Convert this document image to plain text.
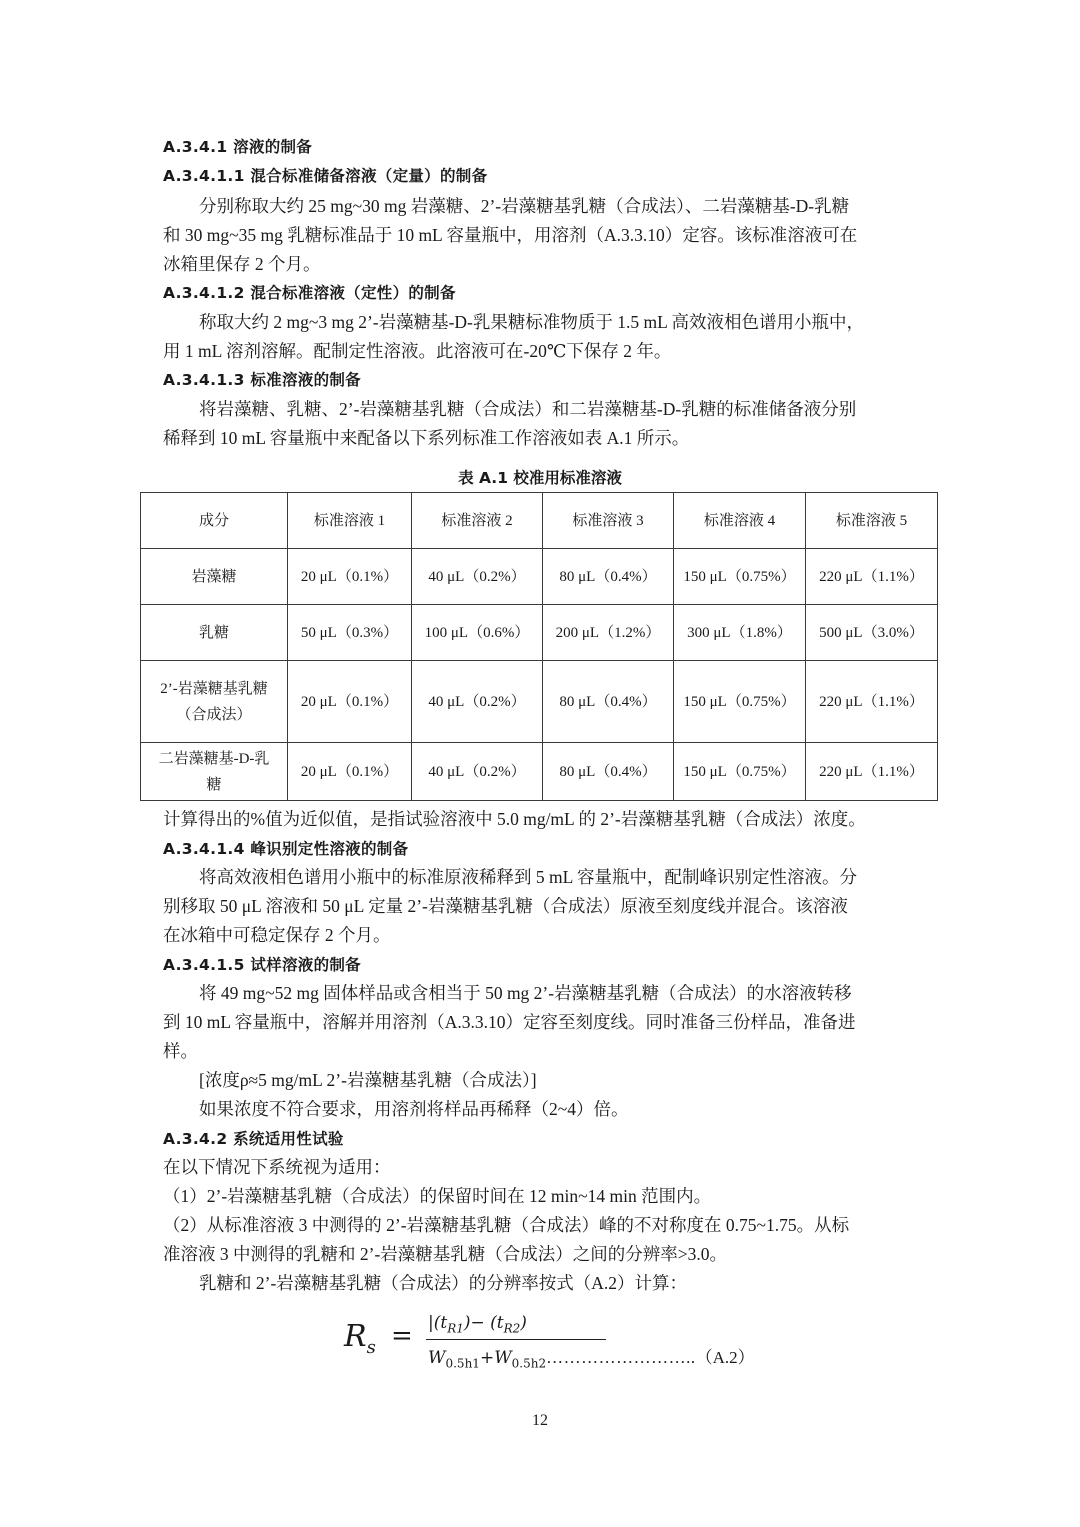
A.3.4.1 溶液的制备
A.3.4.1.1 混合标准储备溶液（定量）的制备
分别称取大约 25 mg~30 mg 岩藻糖、2’-岩藻糖基乳糖（合成法）、二岩藻糖基-D-乳糖
和 30 mg~35 mg 乳糖标准品于 10 mL 容量瓶中，用溶剂（A.3.3.10）定容。该标准溶液可在
冰箱里保存 2 个月。
A.3.4.1.2 混合标准溶液（定性）的制备
称取大约 2 mg~3 mg 2’-岩藻糖基-D-乳果糖标准物质于 1.5 mL 高效液相色谱用小瓶中，
用 1 mL 溶剂溶解。配制定性溶液。此溶液可在-20℃下保存 2 年。
A.3.4.1.3 标准溶液的制备
将岩藻糖、乳糖、2’-岩藻糖基乳糖（合成法）和二岩藻糖基-D-乳糖的标准储备液分别
稀释到 10 mL 容量瓶中来配备以下系列标准工作溶液如表 A.1 所示。
表 A.1 校准用标准溶液
成分	标准溶液 1	标准溶液 2	标准溶液 3	标准溶液 4	标准溶液 5
岩藻糖	20 μL（0.1%）	40 μL（0.2%）	80 μL（0.4%）	150 μL（0.75%）	220 μL（1.1%）
乳糖	50 μL（0.3%）	100 μL（0.6%）	200 μL（1.2%）	300 μL（1.8%）	500 μL（3.0%）
2’-岩藻糖基乳糖
（合成法）	20 μL（0.1%）	40 μL（0.2%）	80 μL（0.4%）	150 μL（0.75%）	220 μL（1.1%）
二岩藻糖基-D-乳
糖	20 μL（0.1%）	40 μL（0.2%）	80 μL（0.4%）	150 μL（0.75%）	220 μL（1.1%）
计算得出的%值为近似值，是指试验溶液中 5.0 mg/mL 的 2’-岩藻糖基乳糖（合成法）浓度。
A.3.4.1.4 峰识别定性溶液的制备
将高效液相色谱用小瓶中的标准原液稀释到 5 mL 容量瓶中，配制峰识别定性溶液。分
别移取 50 μL 溶液和 50 μL 定量 2’-岩藻糖基乳糖（合成法）原液至刻度线并混合。该溶液
在冰箱中可稳定保存 2 个月。
A.3.4.1.5 试样溶液的制备
将 49 mg~52 mg 固体样品或含相当于 50 mg 2’-岩藻糖基乳糖（合成法）的水溶液转移
到 10 mL 容量瓶中，溶解并用溶剂（A.3.3.10）定容至刻度线。同时准备三份样品，准备进
样。
[浓度ρ≈5 mg/mL 2’-岩藻糖基乳糖（合成法）]
如果浓度不符合要求，用溶剂将样品再稀释（2~4）倍。
A.3.4.2 系统适用性试验
在以下情况下系统视为适用：
（1）2’-岩藻糖基乳糖（合成法）的保留时间在 12 min~14 min 范围内。
（2）从标准溶液 3 中测得的 2’-岩藻糖基乳糖（合成法）峰的不对称度在 0.75~1.75。从标
准溶液 3 中测得的乳糖和 2’-岩藻糖基乳糖（合成法）之间的分辨率>3.0。
乳糖和 2’-岩藻糖基乳糖（合成法）的分辨率按式（A.2）计算：
$R_s = |(t_{R1})- (t_{R2})$
$W_{0.5h1}+W_{0.5h2}\dots\dots\dots\dots\dots\dots\dots\dots..(A.2)$
12
